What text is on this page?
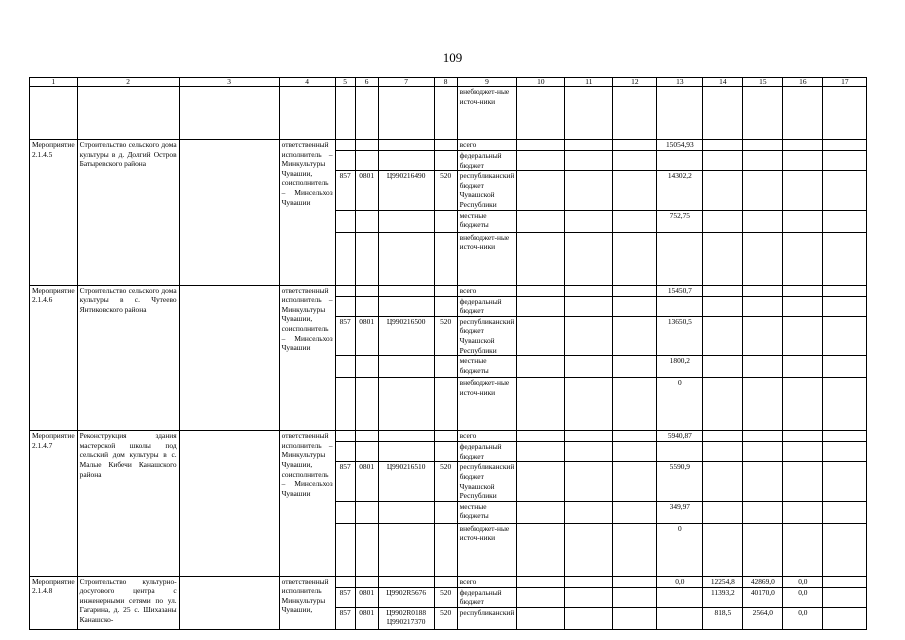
109
1	2	3	4	5	6	7	8	9	10	11	12	13	14	15	16	17
								внебюджет-ные источ-ники								
Мероприятие 2.1.4.5	Строительство сельского дома культуры в д. Долгий Остров Батыревского района		ответственный исполнитель – Минкультуры Чувашии, соисполнитель – Минсельхоз Чувашии					всего				15054,93				
								федеральный бюджет								
				857	0801	Ц990216490	520	республиканский бюджет Чувашской Республики				14302,2				
								местные бюджеты				752,75				
								внебюджет-ные источ-ники								
Мероприятие 2.1.4.6	Строительство сельского дома культуры в с. Чутеево Янтиковского района		ответственный исполнитель – Минкультуры Чувашии, соисполнитель – Минсельхоз Чувашии					всего				15450,7				
								федеральный бюджет								
				857	0801	Ц990216500	520	республиканский бюджет Чувашской Республики				13650,5				
								местные бюджеты				1800,2				
								внебюджет-ные источ-ники				0				
Мероприятие 2.1.4.7	Реконструкция здания мастерской школы под сельский дом культуры в с. Малые Кибечи Канашского района		ответственный исполнитель – Минкультуры Чувашии, соисполнитель – Минсельхоз Чувашии					всего				5940,87				
								федеральный бюджет								
				857	0801	Ц990216510	520	республиканский бюджет Чувашской Республики				5590,9				
								местные бюджеты				349,97				
								внебюджет-ные источ-ники				0				
Мероприятие 2.1.4.8	Строительство культурно-досугового центра с инженерными сетями по ул. Гагарина, д. 25 с. Шихазаны Канашско-		ответственный исполнитель Минкультуры Чувашии,					всего				0,0	12254,8	42869,0	0,0	
				857	0801	Ц9902R5676	520	федеральный бюджет					11393,2	40170,0	0,0	
				857	0801	Ц9902R0188 Ц990217370	520	республиканский					818,5	2564,0	0,0	
